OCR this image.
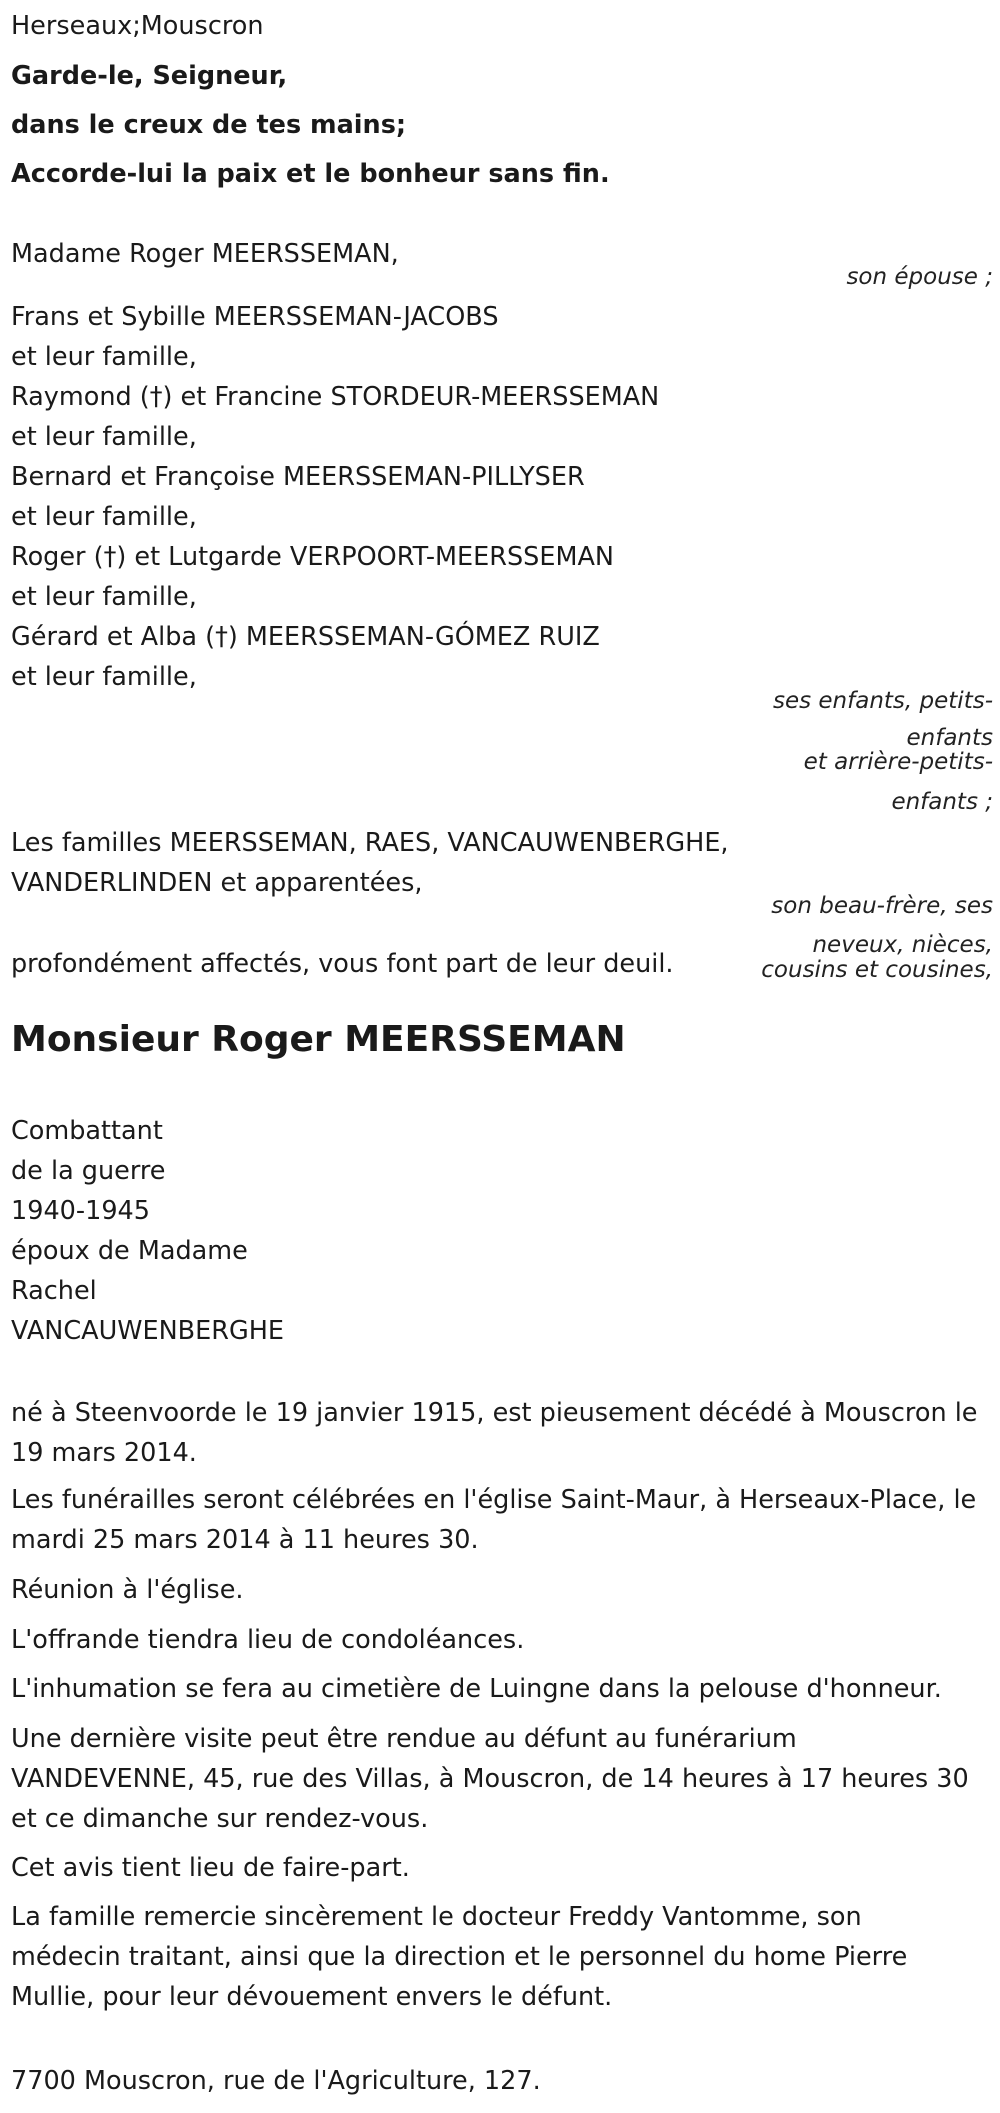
Herseaux;Mouscron
Garde-le, Seigneur,
dans le creux de tes mains;
Accorde-lui la paix et le bonheur sans fin.
Madame Roger MEERSSEMAN,
son épouse ;
Frans et Sybille MEERSSEMAN-JACOBS
et leur famille,
Raymond (†) et Francine STORDEUR-MEERSSEMAN
et leur famille,
Bernard et Françoise MEERSSEMAN-PILLYSER
et leur famille,
Roger (†) et Lutgarde VERPOORT-MEERSSEMAN
et leur famille,
Gérard et Alba (†) MEERSSEMAN-GÓMEZ RUIZ
et leur famille,
ses enfants, petits-
enfants
et arrière-petits-
enfants ;
Les familles MEERSSEMAN, RAES, VANCAUWENBERGHE,
VANDERLINDEN et apparentées,
son beau-frère, ses
neveux, nièces,
cousins et cousines,
profondément affectés, vous font part de leur deuil.
Monsieur Roger MEERSSEMAN
Combattant
de la guerre
1940-1945
époux de Madame
Rachel
VANCAUWENBERGHE
né à Steenvoorde le 19 janvier 1915, est pieusement décédé à Mouscron le 19 mars 2014.
Les funérailles seront célébrées en l'église Saint-Maur, à Herseaux-Place, le mardi 25 mars 2014 à 11 heures 30.
Réunion à l'église.
L'offrande tiendra lieu de condoléances.
L'inhumation se fera au cimetière de Luingne dans la pelouse d'honneur.
Une dernière visite peut être rendue au défunt au funérarium VANDEVENNE, 45, rue des Villas, à Mouscron, de 14 heures à 17 heures 30 et ce dimanche sur rendez-vous.
Cet avis tient lieu de faire-part.
La famille remercie sincèrement le docteur Freddy Vantomme, son médecin traitant, ainsi que la direction et le personnel du home Pierre Mullie, pour leur dévouement envers le défunt.
7700 Mouscron, rue de l'Agriculture, 127.
